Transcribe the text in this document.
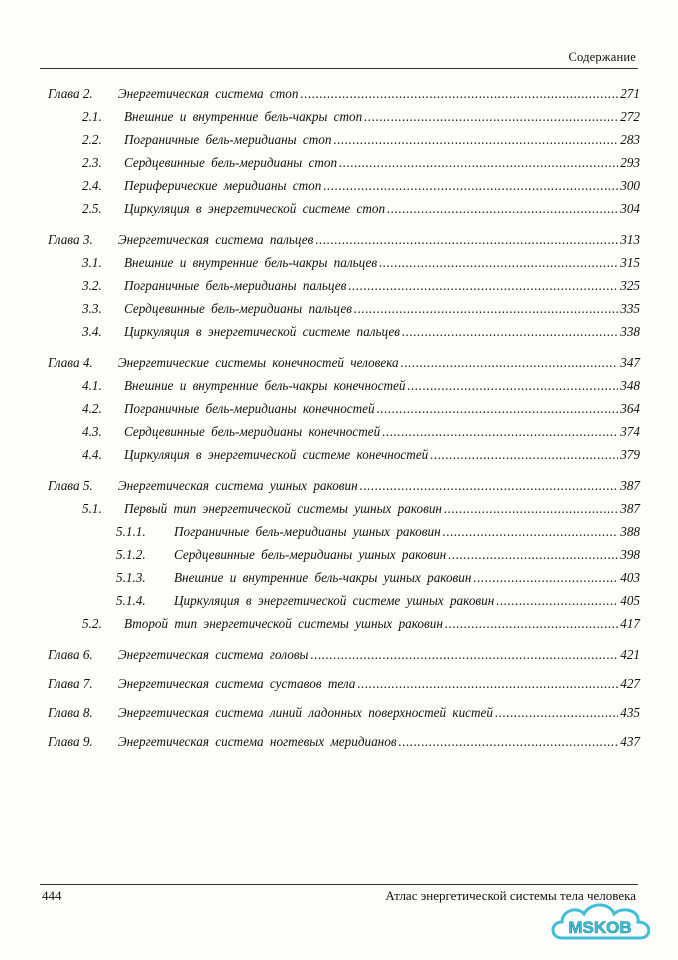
Содержание
Глава 2.	Энергетическая система стоп .....	271
2.1.	Внешние и внутренние бель-чакры стоп .....	272
2.2.	Пограничные бель-меридианы стоп .....	283
2.3.	Сердцевинные бель-меридианы стоп .....	293
2.4.	Периферические меридианы стоп .....	300
2.5.	Циркуляция в энергетической системе стоп .....	304
Глава 3.	Энергетическая система пальцев .....	313
3.1.	Внешние и внутренние бель-чакры пальцев .....	315
3.2.	Пограничные бель-меридианы пальцев .....	325
3.3.	Сердцевинные бель-меридианы пальцев .....	335
3.4.	Циркуляция в энергетической системе пальцев .....	338
Глава 4.	Энергетические системы конечностей человека .....	347
4.1.	Внешние и внутренние бель-чакры конечностей .....	348
4.2.	Пограничные бель-меридианы конечностей .....	364
4.3.	Сердцевинные бель-меридианы конечностей .....	374
4.4.	Циркуляция в энергетической системе конечностей .....	379
Глава 5.	Энергетическая система ушных раковин .....	387
5.1.	Первый тип энергетической системы ушных раковин .....	387
5.1.1.	Пограничные бель-меридианы ушных раковин .....	388
5.1.2.	Сердцевинные бель-меридианы ушных раковин .....	398
5.1.3.	Внешние и внутренние бель-чакры ушных раковин .....	403
5.1.4.	Циркуляция в энергетической системе ушных раковин .....	405
5.2.	Второй тип энергетической системы ушных раковин .....	417
Глава 6.	Энергетическая система головы .....	421
Глава 7.	Энергетическая система суставов тела .....	427
Глава 8.	Энергетическая система линий ладонных поверхностей кистей .....	435
Глава 9.	Энергетическая система ногтевых меридианов .....	437
444	Атлас энергетической системы тела человека
MSKOB
